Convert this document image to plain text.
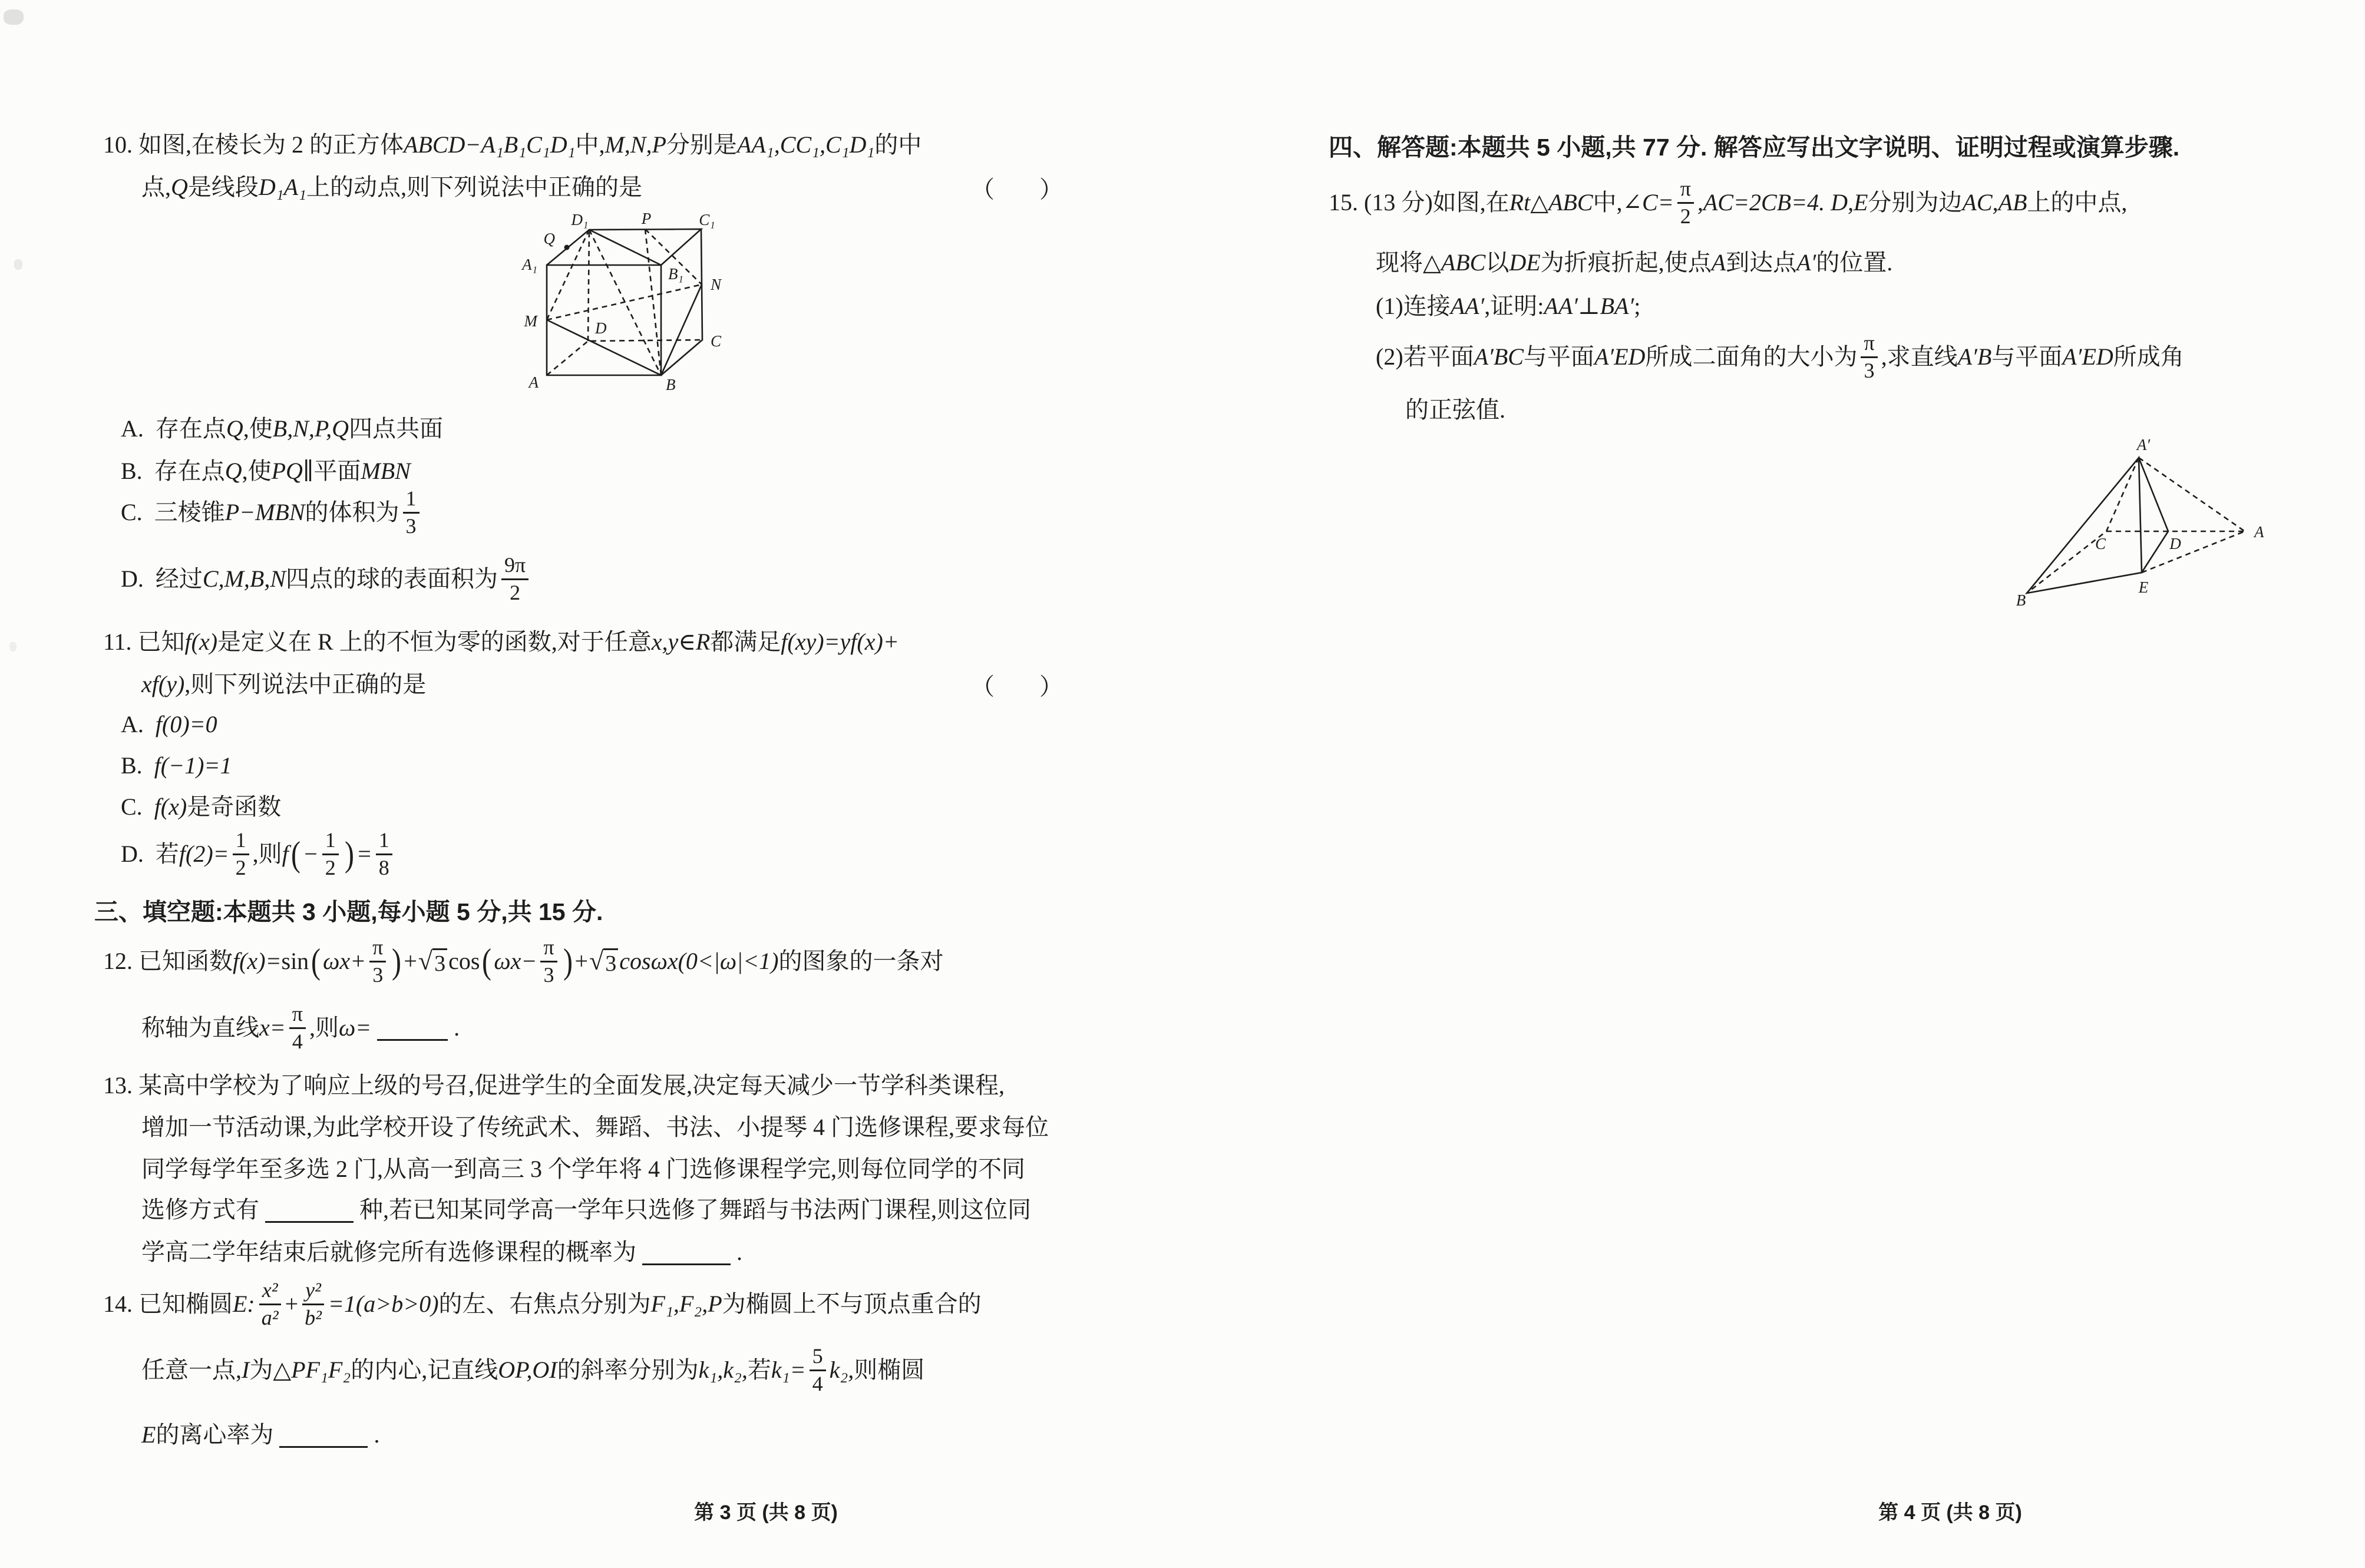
10. 如图,在棱长为 2 的正方体 ABCD−A₁B₁C₁D₁ 中, M,N,P 分别是 AA₁,CC₁,C₁D₁ 的中
点, Q 是线段 D₁A₁ 上的动点,则下列说法中正确的是	（　）
D₁	P	C₁
Q
A₁
B₁
N
M	D
C
A	B
A. 存在点 Q ,使 B,N,P,Q 四点共面
B. 存在点 Q ,使 PQ ∥平面 MBN
C. 三棱锥 P−MBN 的体积为 $\frac{1}{3}$
D. 经过 C,M,B,N 四点的球的表面积为 $\frac{9\pi}{2}$
11. 已知 f(x) 是定义在 R 上的不恒为零的函数,对于任意 x,y∈R 都满足 f(xy)=yf(x)+
xf(y) ,则下列说法中正确的是	（　）
A. f(0)=0
B. f(−1)=1
C. f(x) 是奇函数
D. 若 $f(2)= \frac{1}{2}$ ,则 f ( − $\frac{1}{2}$ ) = $\frac{1}{8}$
三、填空题:本题共 3 小题,每小题 5 分,共 15 分.
12. 已知函数 f(x)= sin ( $\omega x+ \frac{\pi}{3}$ ) + √ 3 cos ( $\omega x- \frac{\pi}{3}$ ) + √ 3 cosωx(0<|ω|<1) 的图象的一条对
称轴为直线 $x= \frac{\pi}{4}$ ,则 ω=	.
13. 某高中学校为了响应上级的号召,促进学生的全面发展,决定每天减少一节学科类课程,
增加一节活动课,为此学校开设了传统武术、舞蹈、书法、小提琴 4 门选修课程,要求每位
同学每学年至多选 2 门,从高一到高三 3 个学年将 4 门选修课程学完,则每位同学的不同
选修方式有	种,若已知某同学高一学年只选修了舞蹈与书法两门课程,则这位同
学高二学年结束后就修完所有选修课程的概率为	.
14. 已知椭圆 E: $\frac{\text{x²}}{\text{a²}} + \frac{\text{y²}}{\text{b²}} =1(a>b>0)$ 的左、右焦点分别为 F₁,F₂,P 为椭圆上不与顶点重合的
任意一点, I 为 △PF₁F₂ 的内心,记直线 OP,OI 的斜率分别为 k₁,k₂, 若 $k_1= \frac{5}{4} k_2$, 则椭圆
E 的离心率为	.
第 3 页 (共 8 页)
四、解答题:本题共 5 小题,共 77 分. 解答应写出文字说明、证明过程或演算步骤.
15. (13 分)如图,在 Rt△ABC 中, ∠C= $\frac{\pi}{2} ,AC=2CB=4$. D,E 分别为边 AC,AB 上的中点,
现将 △ABC 以 DE 为折痕折起,使点 A 到达点 A′ 的位置.
(1)连接 AA′ ,证明: AA′⊥BA′ ;
(2)若平面 A′BC 与平面 A′ED 所成二面角的大小为 $\frac{\pi}{3}$ ,求直线 A′B 与平面 A′ED 所成角
的正弦值.
A′
B
E
A
C	D
第 4 页 (共 8 页)
